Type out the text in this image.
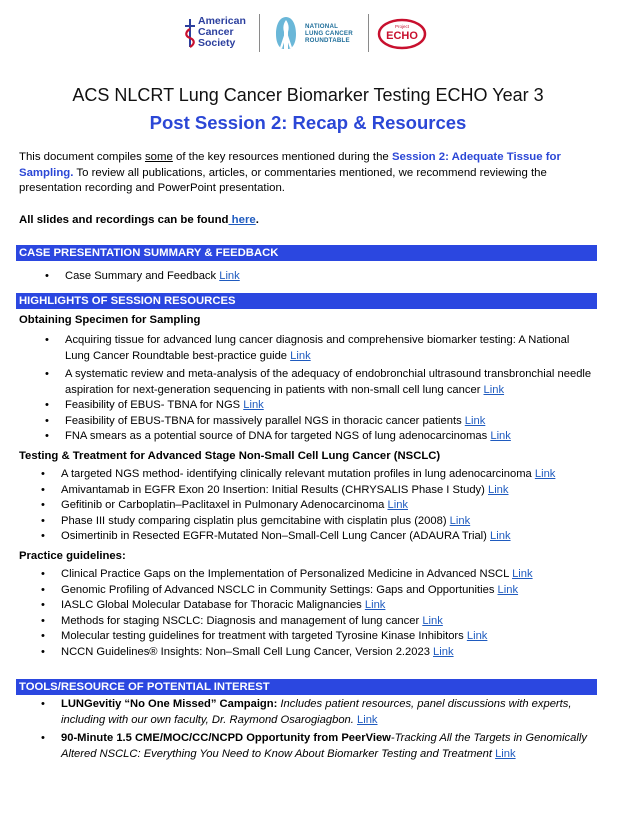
American
Cancer
Society
NATIONAL
LUNG CANCER
ROUNDTABLE
Project
ECHO
ACS NLCRT Lung Cancer Biomarker Testing ECHO Year 3
Post Session 2: Recap & Resources

This document compiles some of the key resources mentioned during the Session 2: Adequate Tissue for Sampling. To review all publications, articles, or commentaries mentioned, we recommend reviewing the presentation recording and PowerPoint presentation.

All slides and recordings can be found here.

CASE PRESENTATION SUMMARY & FEEDBACK
• Case Summary and Feedback Link
HIGHLIGHTS OF SESSION RESOURCES

Obtaining Specimen for Sampling

• Acquiring tissue for advanced lung cancer diagnosis and comprehensive biomarker testing: A National Lung Cancer Roundtable best-practice guide Link
• A systematic review and meta-analysis of the adequacy of endobronchial ultrasound transbronchial needle aspiration for next-generation sequencing in patients with non-small cell lung cancer Link
• Feasibility of EBUS- TBNA for NGS Link
• Feasibility of EBUS-TBNA for massively parallel NGS in thoracic cancer patients Link
• FNA smears as a potential source of DNA for targeted NGS of lung adenocarcinomas Link

Testing & Treatment for Advanced Stage Non-Small Cell Lung Cancer (NSCLC)

• A targeted NGS method- identifying clinically relevant mutation profiles in lung adenocarcinoma Link
• Amivantamab in EGFR Exon 20 Insertion: Initial Results (CHRYSALIS Phase I Study) Link
• Gefitinib or Carboplatin–Paclitaxel in Pulmonary Adenocarcinoma Link
• Phase III study comparing cisplatin plus gemcitabine with cisplatin plus (2008) Link
• Osimertinib in Resected EGFR-Mutated Non–Small-Cell Lung Cancer (ADAURA Trial) Link

Practice guidelines:

• Clinical Practice Gaps on the Implementation of Personalized Medicine in Advanced NSCL Link
• Genomic Profiling of Advanced NSCLC in Community Settings: Gaps and Opportunities Link
• IASLC Global Molecular Database for Thoracic Malignancies Link
• Methods for staging NSCLC: Diagnosis and management of lung cancer Link
• Molecular testing guidelines for treatment with targeted Tyrosine Kinase Inhibitors Link
• NCCN Guidelines® Insights: Non–Small Cell Lung Cancer, Version 2.2023 Link
TOOLS/RESOURCE OF POTENTIAL INTEREST
• LUNGevitiy “No One Missed” Campaign: Includes patient resources, panel discussions with experts, including with our own faculty, Dr. Raymond Osarogiagbon. Link
• 90-Minute 1.5 CME/MOC/CC/NCPD Opportunity from PeerView-Tracking All the Targets in Genomically Altered NSCLC: Everything You Need to Know About Biomarker Testing and Treatment Link
